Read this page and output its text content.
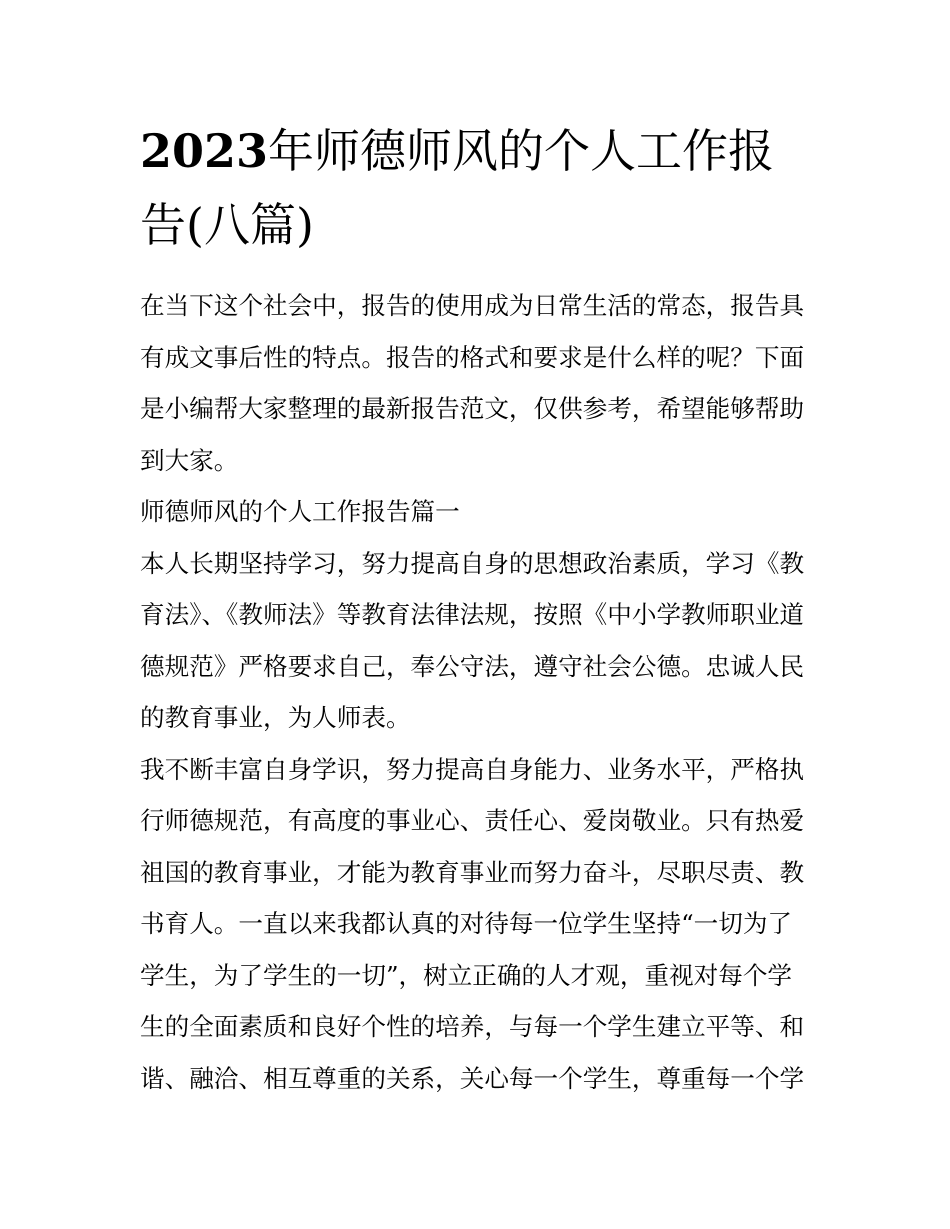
2023年师德师风的个人工作报告(八篇)

在当下这个社会中，报告的使用成为日常生活的常态，报告具有成文事后性的特点。报告的格式和要求是什么样的呢？下面是小编帮大家整理的最新报告范文，仅供参考，希望能够帮助到大家。

师德师风的个人工作报告篇一

本人长期坚持学习，努力提高自身的思想政治素质，学习《教育法》、《教师法》等教育法律法规，按照《中小学教师职业道德规范》严格要求自己，奉公守法，遵守社会公德。忠诚人民的教育事业，为人师表。

我不断丰富自身学识，努力提高自身能力、业务水平，严格执行师德规范，有高度的事业心、责任心、爱岗敬业。只有热爱祖国的教育事业，才能为教育事业而努力奋斗，尽职尽责、教书育人。一直以来我都认真的对待每一位学生坚持“一切为了学生，为了学生的一切”，树立正确的人才观，重视对每个学生的全面素质和良好个性的培养，与每一个学生建立平等、和谐、融洽、相互尊重的关系，关心每一个学生，尊重每一个学
